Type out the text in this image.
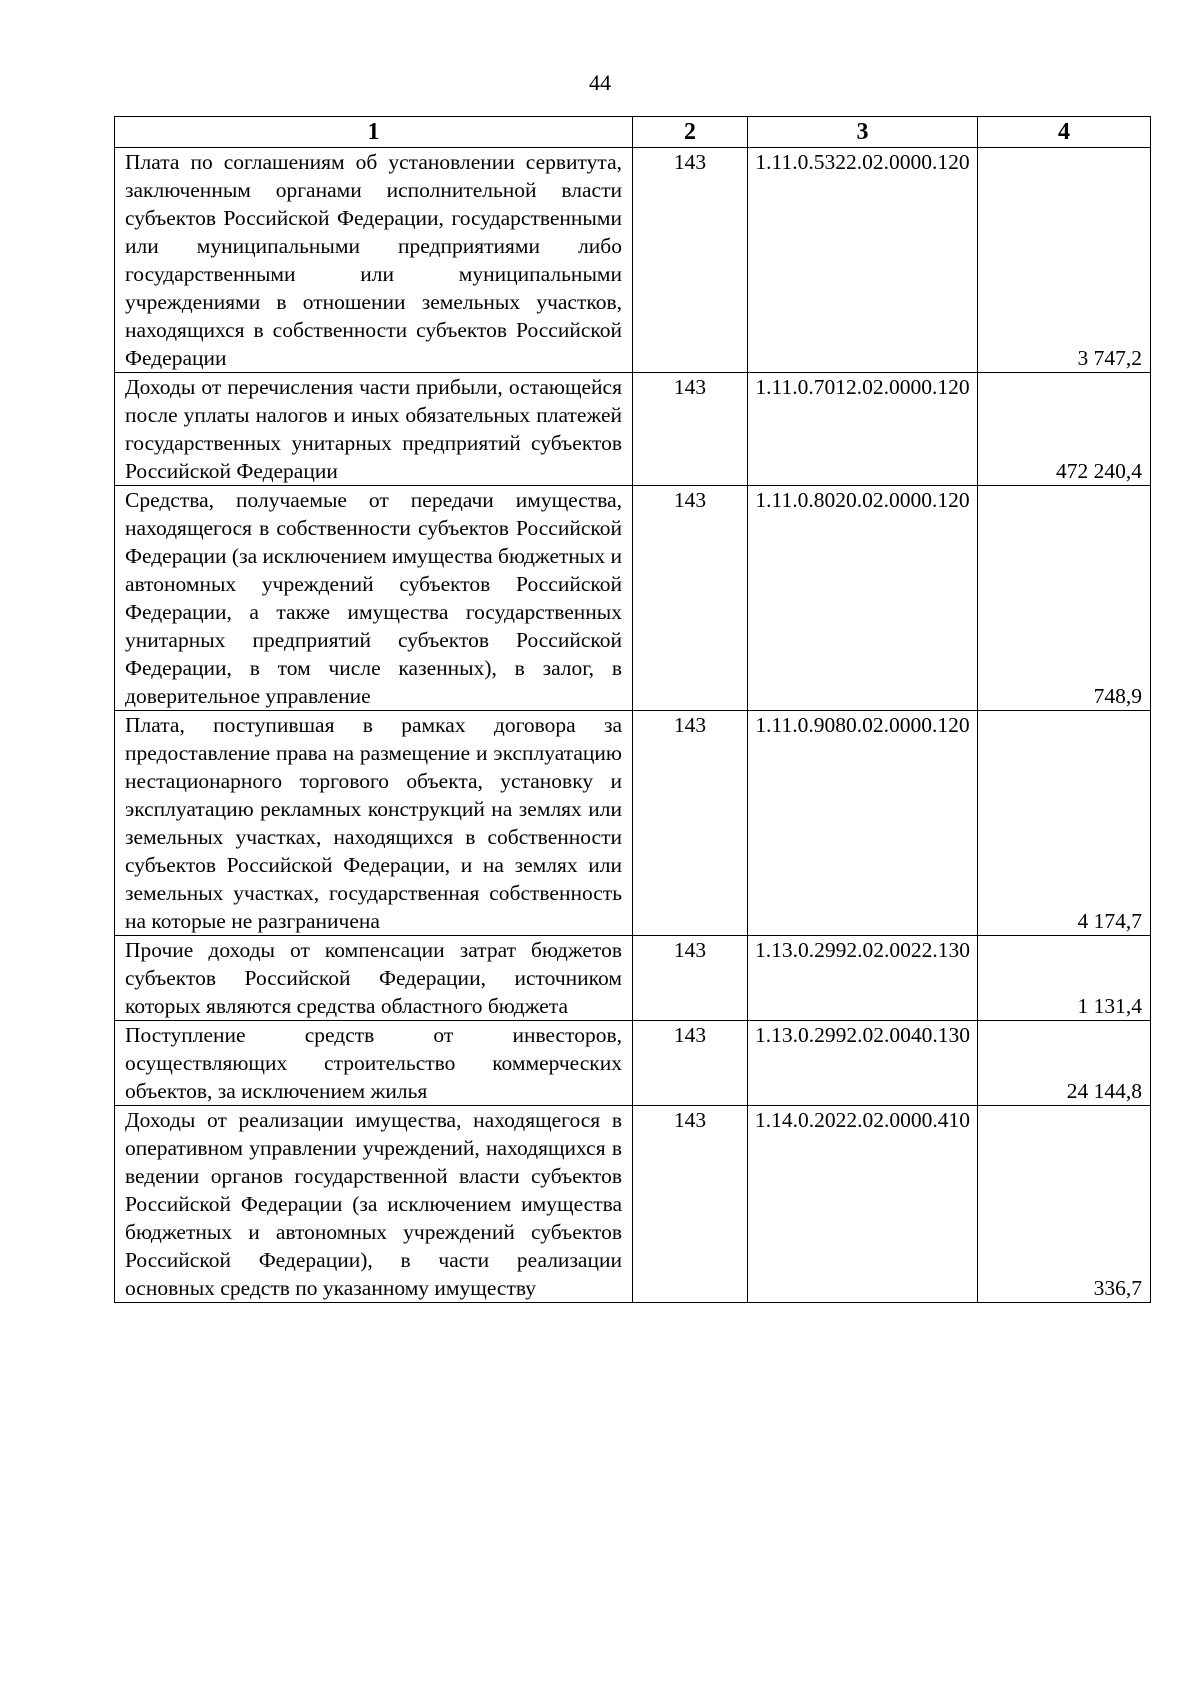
44
1	2	3	4
Плата по соглашениям об установлении сервитута, заключенным органами исполнительной власти субъектов Российской Федерации, государственными или муниципальными предприятиями либо государственными или муниципальными учреждениями в отношении земельных участков, находящихся в собственности субъектов Российской Федерации	143	1.11.0.5322.02.0000.120	3 747,2
Доходы от перечисления части прибыли, остающейся после уплаты налогов и иных обязательных платежей государственных унитарных предприятий субъектов Российской Федерации	143	1.11.0.7012.02.0000.120	472 240,4
Средства, получаемые от передачи имущества, находящегося в собственности субъектов Российской Федерации (за исключением имущества бюджетных и автономных учреждений субъектов Российской Федерации, а также имущества государственных унитарных предприятий субъектов Российской Федерации, в том числе казенных), в залог, в доверительное управление	143	1.11.0.8020.02.0000.120	748,9
Плата, поступившая в рамках договора за предоставление права на размещение и эксплуатацию нестационарного торгового объекта, установку и эксплуатацию рекламных конструкций на землях или земельных участках, находящихся в собственности субъектов Российской Федерации, и на землях или земельных участках, государственная собственность на которые не разграничена	143	1.11.0.9080.02.0000.120	4 174,7
Прочие доходы от компенсации затрат бюджетов субъектов Российской Федерации, источником которых являются средства областного бюджета	143	1.13.0.2992.02.0022.130	1 131,4
Поступление средств от инвесторов, осуществляющих строительство коммерческих объектов, за исключением жилья	143	1.13.0.2992.02.0040.130	24 144,8
Доходы от реализации имущества, находящегося в оперативном управлении учреждений, находящихся в ведении органов государственной власти субъектов Российской Федерации (за исключением имущества бюджетных и автономных учреждений субъектов Российской Федерации), в части реализации основных средств по указанному имуществу	143	1.14.0.2022.02.0000.410	336,7
